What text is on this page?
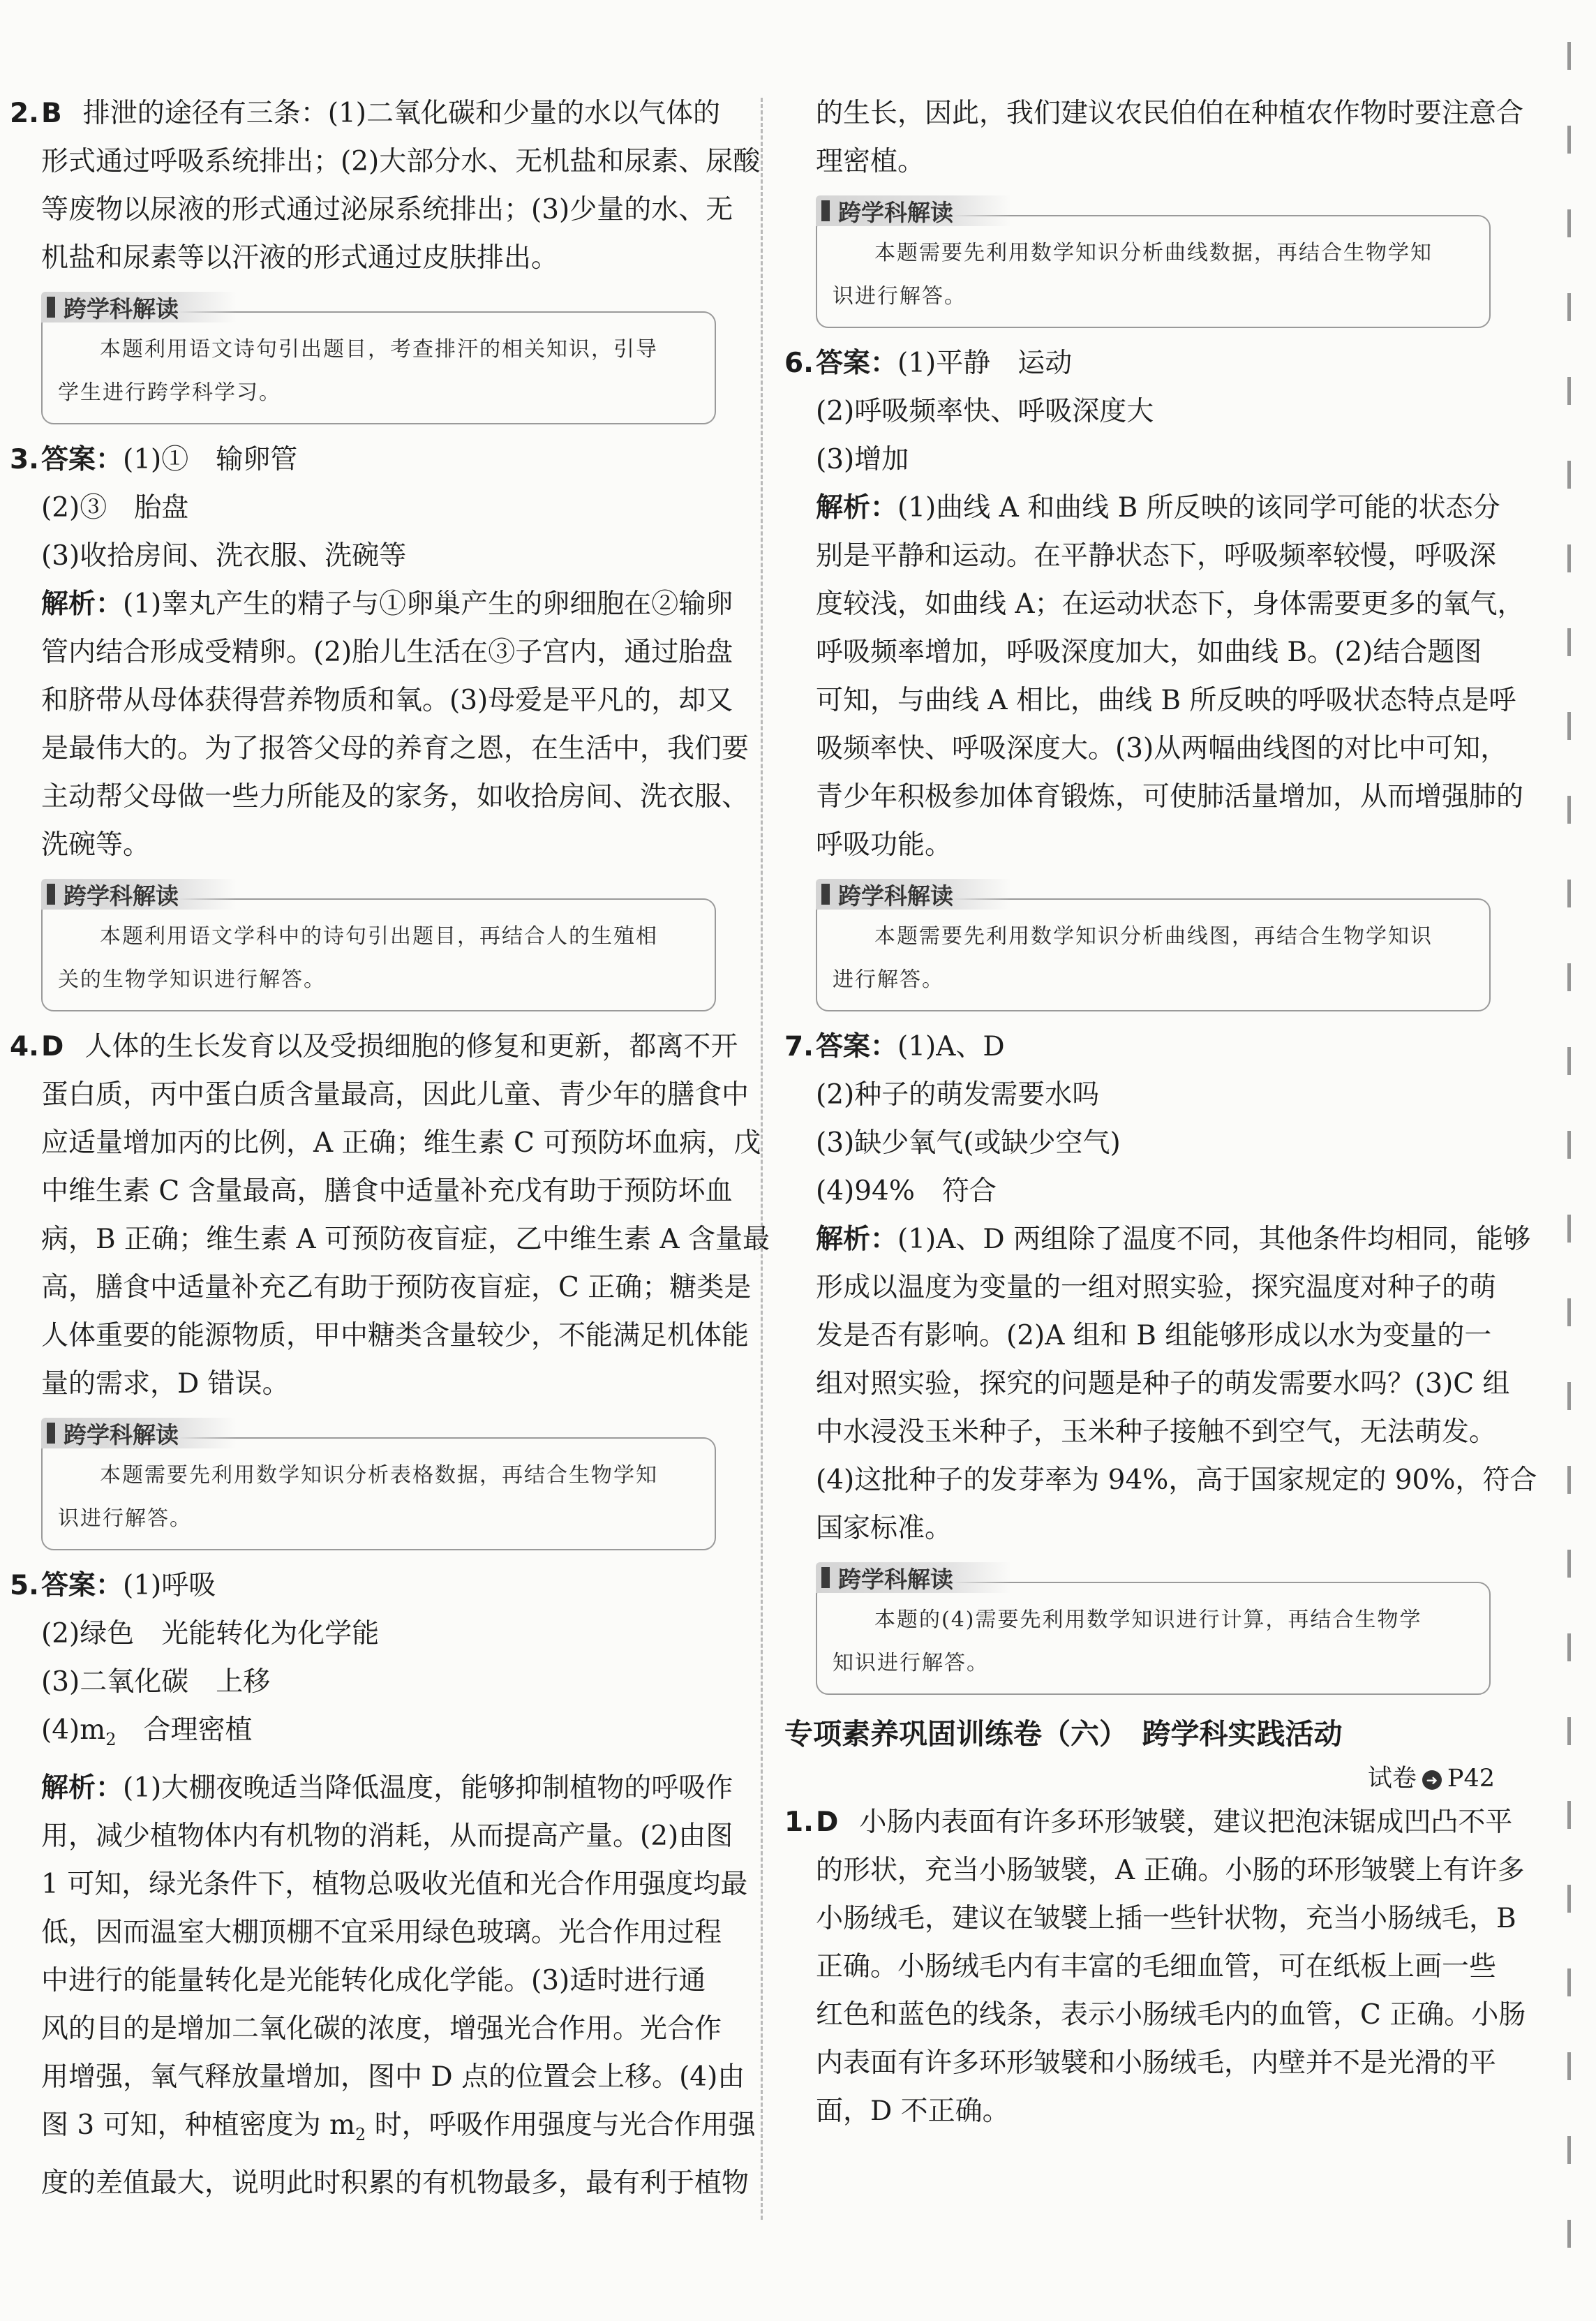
2.B 排泄的途径有三条：(1)二氧化碳和少量的水以气体的

形式通过呼吸系统排出；(2)大部分水、无机盐和尿素、尿酸

等废物以尿液的形式通过泌尿系统排出；(3)少量的水、无

机盐和尿素等以汗液的形式通过皮肤排出。

跨学科解读

本题利用语文诗句引出题目，考查排汗的相关知识，引导

学生进行跨学科学习。

3.答案：(1)①　输卵管

(2)③　胎盘

(3)收拾房间、洗衣服、洗碗等

解析：(1)睾丸产生的精子与①卵巢产生的卵细胞在②输卵

管内结合形成受精卵。(2)胎儿生活在③子宫内，通过胎盘

和脐带从母体获得营养物质和氧。(3)母爱是平凡的，却又

是最伟大的。为了报答父母的养育之恩，在生活中，我们要

主动帮父母做一些力所能及的家务，如收拾房间、洗衣服、

洗碗等。

跨学科解读

本题利用语文学科中的诗句引出题目，再结合人的生殖相

关的生物学知识进行解答。

4.D 人体的生长发育以及受损细胞的修复和更新，都离不开

蛋白质，丙中蛋白质含量最高，因此儿童、青少年的膳食中

应适量增加丙的比例，A 正确；维生素 C 可预防坏血病，戊

中维生素 C 含量最高，膳食中适量补充戊有助于预防坏血

病，B 正确；维生素 A 可预防夜盲症，乙中维生素 A 含量最

高，膳食中适量补充乙有助于预防夜盲症，C 正确；糖类是

人体重要的能源物质，甲中糖类含量较少，不能满足机体能

量的需求，D 错误。

跨学科解读

本题需要先利用数学知识分析表格数据，再结合生物学知

识进行解答。

5.答案：(1)呼吸

(2)绿色　光能转化为化学能

(3)二氧化碳　上移

$(4)m_2$　合理密植

解析：(1)大棚夜晚适当降低温度，能够抑制植物的呼吸作

用，减少植物体内有机物的消耗，从而提高产量。(2)由图

1 可知，绿光条件下，植物总吸收光值和光合作用强度均最

低，因而温室大棚顶棚不宜采用绿色玻璃。光合作用过程

中进行的能量转化是光能转化成化学能。(3)适时进行通

风的目的是增加二氧化碳的浓度，增强光合作用。光合作

用增强，氧气释放量增加，图中 D 点的位置会上移。(4)由

图 3 可知，种植密度为 $m_2$ 时，呼吸作用强度与光合作用强

度的差值最大，说明此时积累的有机物最多，最有利于植物

的生长，因此，我们建议农民伯伯在种植农作物时要注意合

理密植。

跨学科解读

本题需要先利用数学知识分析曲线数据，再结合生物学知

识进行解答。

6.答案：(1)平静　运动

(2)呼吸频率快、呼吸深度大

(3)增加

解析：(1)曲线 A 和曲线 B 所反映的该同学可能的状态分

别是平静和运动。在平静状态下，呼吸频率较慢，呼吸深

度较浅，如曲线 A；在运动状态下，身体需要更多的氧气，

呼吸频率增加，呼吸深度加大，如曲线 B。(2)结合题图

可知，与曲线 A 相比，曲线 B 所反映的呼吸状态特点是呼

吸频率快、呼吸深度大。(3)从两幅曲线图的对比中可知，

青少年积极参加体育锻炼，可使肺活量增加，从而增强肺的

呼吸功能。

跨学科解读

本题需要先利用数学知识分析曲线图，再结合生物学知识

进行解答。

7.答案：(1)A、D

(2)种子的萌发需要水吗

(3)缺少氧气(或缺少空气)

(4)94%　符合

解析：(1)A、D 两组除了温度不同，其他条件均相同，能够

形成以温度为变量的一组对照实验，探究温度对种子的萌

发是否有影响。(2)A 组和 B 组能够形成以水为变量的一

组对照实验，探究的问题是种子的萌发需要水吗？(3)C 组

中水浸没玉米种子，玉米种子接触不到空气，无法萌发。

(4)这批种子的发芽率为 94%，高于国家规定的 90%，符合

国家标准。

跨学科解读

本题的(4)需要先利用数学知识进行计算，再结合生物学

知识进行解答。

专项素养巩固训练卷（六）　跨学科实践活动

试卷 ➜ P42

1.D 小肠内表面有许多环形皱襞，建议把泡沫锯成凹凸不平

的形状，充当小肠皱襞，A 正确。小肠的环形皱襞上有许多

小肠绒毛，建议在皱襞上插一些针状物，充当小肠绒毛，B

正确。小肠绒毛内有丰富的毛细血管，可在纸板上画一些

红色和蓝色的线条，表示小肠绒毛内的血管，C 正确。小肠

内表面有许多环形皱襞和小肠绒毛，内壁并不是光滑的平

面，D 不正确。
